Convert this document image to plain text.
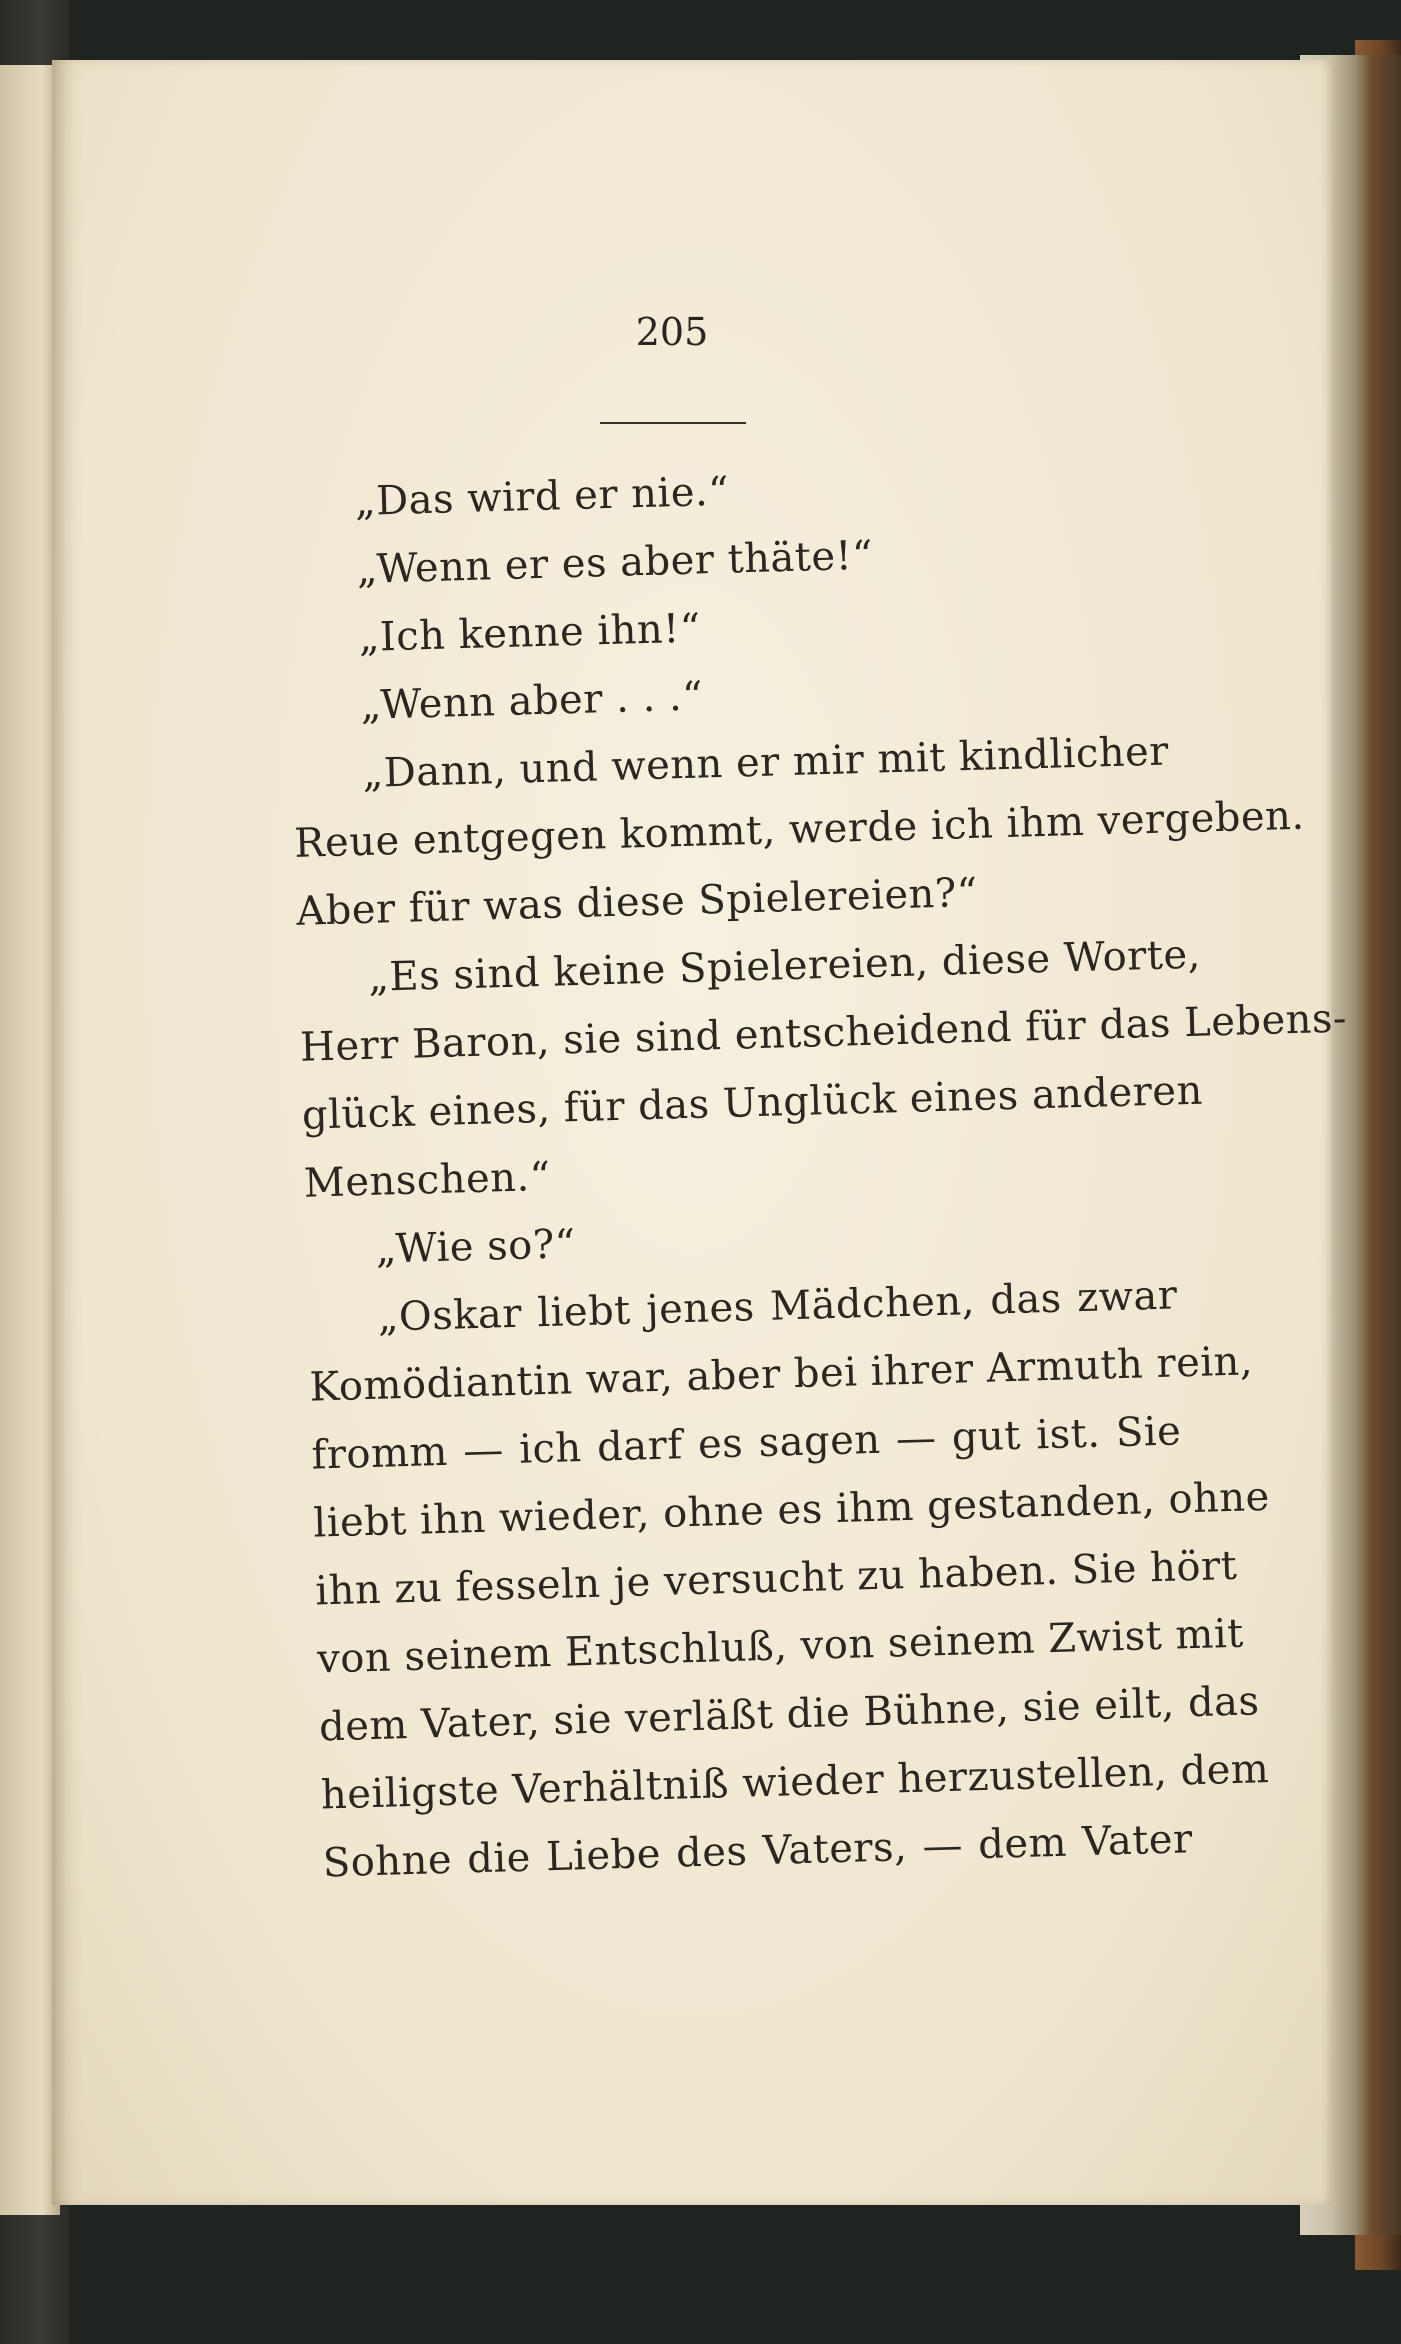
205
„Das wird er nie.“
„Wenn er es aber thäte!“
„Ich kenne ihn!“
„Wenn aber . . .“
„Dann, und wenn er mir mit kindlicher
Reue entgegen kommt, werde ich ihm vergeben.
Aber für was diese Spielereien?“
„Es sind keine Spielereien, diese Worte,
Herr Baron, sie sind entscheidend für das Lebens-
glück eines, für das Unglück eines anderen
Menschen.“
„Wie so?“
„Oskar liebt jenes Mädchen, das zwar
Komödiantin war, aber bei ihrer Armuth rein,
fromm — ich darf es sagen — gut ist. Sie
liebt ihn wieder, ohne es ihm gestanden, ohne
ihn zu fesseln je versucht zu haben. Sie hört
von seinem Entschluß, von seinem Zwist mit
dem Vater, sie verläßt die Bühne, sie eilt, das
heiligste Verhältniß wieder herzustellen, dem
Sohne die Liebe des Vaters, — dem Vater
